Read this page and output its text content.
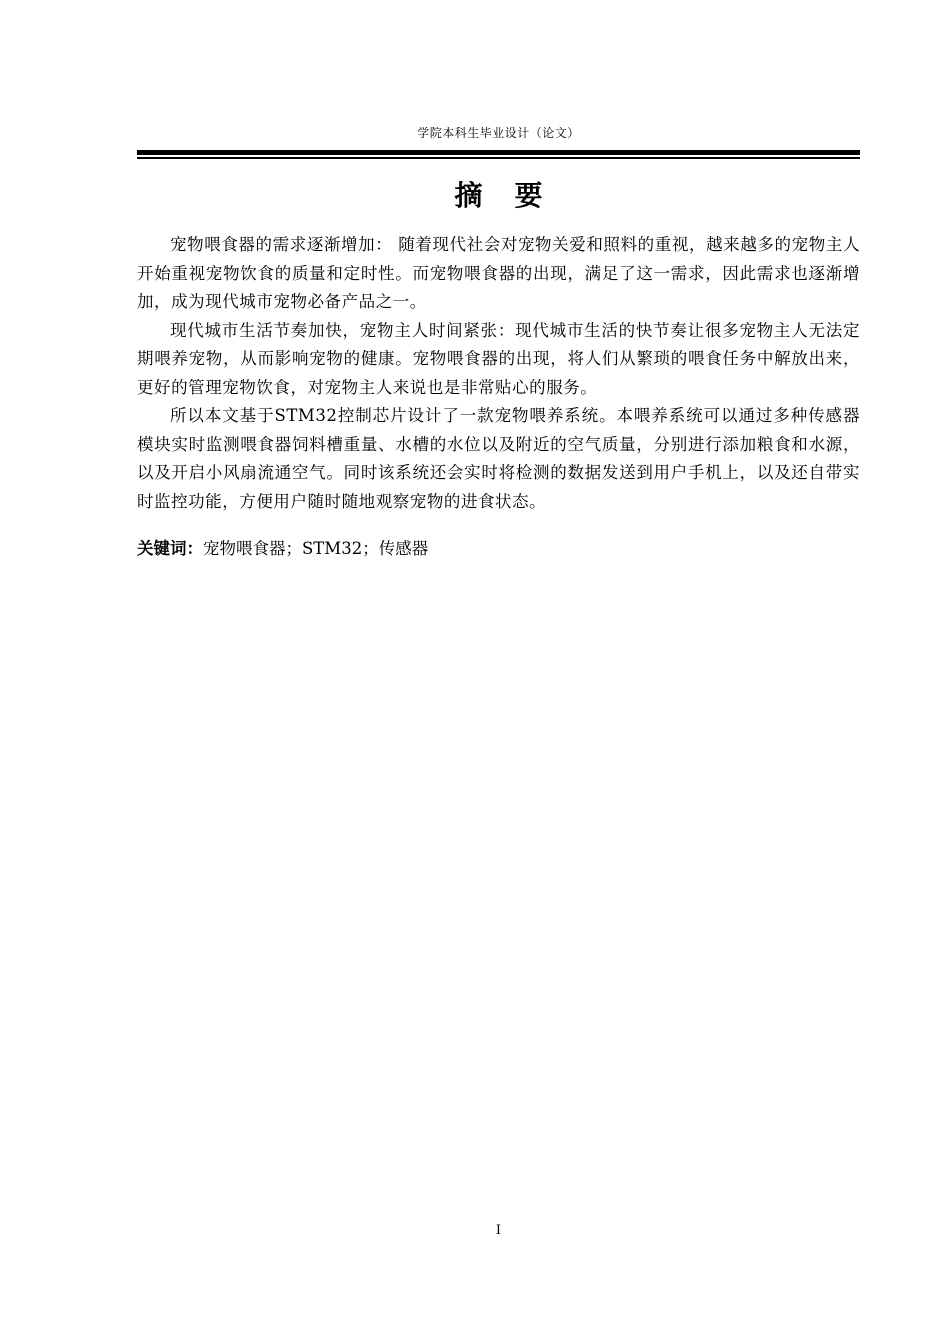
学院本科生毕业设计（论文）
摘要

宠物喂食器的需求逐渐增加： 随着现代社会对宠物关爱和照料的重视，越来越多的宠物主人开始重视宠物饮食的质量和定时性。而宠物喂食器的出现，满足了这一需求，因此需求也逐渐增加，成为现代城市宠物必备产品之一。

现代城市生活节奏加快，宠物主人时间紧张：现代城市生活的快节奏让很多宠物主人无法定期喂养宠物，从而影响宠物的健康。宠物喂食器的出现，将人们从繁琐的喂食任务中解放出来，更好的管理宠物饮食，对宠物主人来说也是非常贴心的服务。

所以本文基于STM32控制芯片设计了一款宠物喂养系统。本喂养系统可以通过多种传感器模块实时监测喂食器饲料槽重量、水槽的水位以及附近的空气质量，分别进行添加粮食和水源，以及开启小风扇流通空气。同时该系统还会实时将检测的数据发送到用户手机上，以及还自带实时监控功能，方便用户随时随地观察宠物的进食状态。

关键词：宠物喂食器；STM32；传感器
I
